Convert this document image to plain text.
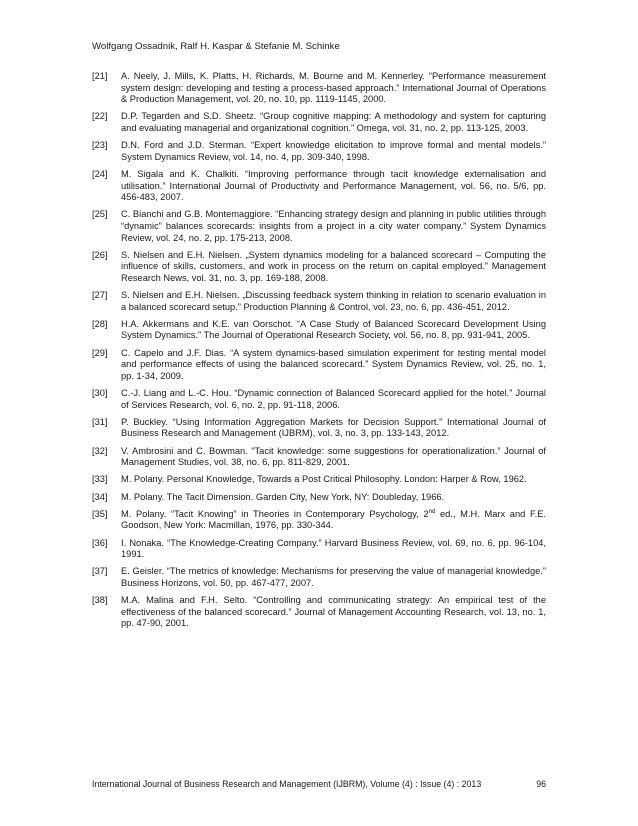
Wolfgang Ossadnik, Ralf H. Kaspar & Stefanie M. Schinke
[21]	A. Neely, J. Mills, K. Platts, H. Richards, M. Bourne and M. Kennerley. “Performance measurement system design: developing and testing a process-based approach.” International Journal of Operations & Production Management, vol. 20, no. 10, pp. 1119-1145, 2000.
[22]	D.P. Tegarden and S.D. Sheetz. “Group cognitive mapping: A methodology and system for capturing and evaluating managerial and organizational cognition.” Omega, vol. 31, no. 2, pp. 113-125, 2003.
[23]	D.N. Ford and J.D. Sterman. “Expert knowledge elicitation to improve formal and mental models.” System Dynamics Review, vol. 14, no. 4, pp. 309-340, 1998.
[24]	M. Sigala and K. Chalkiti. “Improving performance through tacit knowledge externalisation and utilisation.” International Journal of Productivity and Performance Management, vol. 56, no. 5/6, pp. 456-483, 2007.
[25]	C. Bianchi and G.B. Montemaggiore. “Enhancing strategy design and planning in public utilities through “dynamic” balances scorecards: insights from a project in a city water company.” System Dynamics Review, vol. 24, no. 2, pp. 175-213, 2008.
[26]	S. Nielsen and E.H. Nielsen. „System dynamics modeling for a balanced scorecard – Computing the influence of skills, customers, and work in process on the return on capital employed.” Management Research News, vol. 31, no. 3, pp. 169-188, 2008.
[27]	S. Nielsen and E.H. Nielsen. „Discussing feedback system thinking in relation to scenario evaluation in a balanced scorecard setup.” Production Planning & Control, vol. 23, no. 6, pp. 436-451, 2012.
[28]	H.A. Akkermans and K.E. van Oorschot. “A Case Study of Balanced Scorecard Development Using System Dynamics.” The Journal of Operational Research Society, vol. 56, no. 8, pp. 931-941, 2005.
[29]	C. Capelo and J.F. Dias. “A system dynamics-based simulation experiment for testing mental model and performance effects of using the balanced scorecard.” System Dynamics Review, vol. 25, no. 1, pp. 1-34, 2009.
[30]	C.-J. Liang and L.-C. Hou. “Dynamic connection of Balanced Scorecard applied for the hotel.” Journal of Services Research, vol. 6, no. 2, pp. 91-118, 2006.
[31]	P. Buckley. “Using Information Aggregation Markets for Decision Support.” International Journal of Business Research and Management (IJBRM), vol. 3, no. 3, pp. 133-143, 2012.
[32]	V. Ambrosini and C. Bowman. “Tacit knowledge: some suggestions for operationalization.” Journal of Management Studies, vol. 38, no. 6, pp. 811-829, 2001.
[33]	M. Polany. Personal Knowledge, Towards a Post Critical Philosophy. London: Harper & Row, 1962.
[34]	M. Polany. The Tacit Dimension. Garden City, New York, NY: Doubleday, 1966.
[35]	M. Polany. “Tacit Knowing” in Theories in Contemporary Psychology, 2nd ed., M.H. Marx and F.E. Goodson, New York: Macmillan, 1976, pp. 330-344.
[36]	I. Nonaka. “The Knowledge-Creating Company.” Harvard Business Review, vol. 69, no. 6, pp. 96-104, 1991.
[37]	E. Geisler. “The metrics of knowledge: Mechanisms for preserving the value of managerial knowledge.” Business Horizons, vol. 50, pp. 467-477, 2007.
[38]	M.A. Malina and F.H. Selto. “Controlling and communicating strategy: An empirical test of the effectiveness of the balanced scorecard.” Journal of Management Accounting Research, vol. 13, no. 1, pp. 47-90, 2001.
International Journal of Business Research and Management (IJBRM), Volume (4) : Issue (4) : 2013	96
